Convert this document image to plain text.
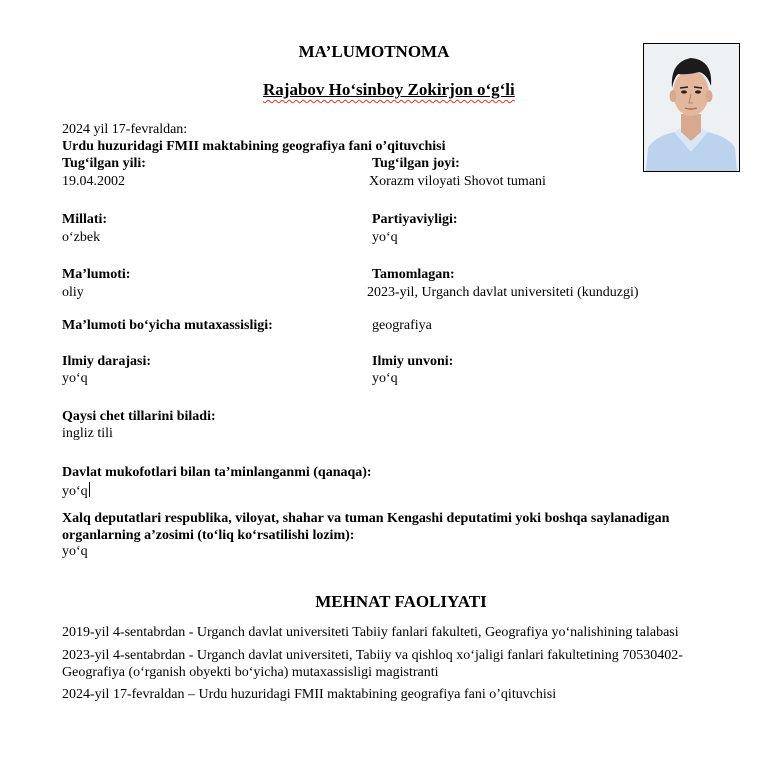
MA’LUMOTNOMA
Rajabov Ho‘sinboy Zokirjon o‘g‘li
2024 yil 17-fevraldan:
Urdu huzuridagi FMII maktabining geografiya fani o’qituvchisi
Tug‘ilgan yili:
19.04.2002
Tug‘ilgan joyi:
Xorazm viloyati Shovot tumani
Millati:
o‘zbek
Partiyaviyligi:
yo‘q
Ma’lumoti:
oliy
Tamomlagan:
2023-yil, Urganch davlat universiteti (kunduzgi)
Ma’lumoti bo‘yicha mutaxassisligi:	geografiya
Ilmiy darajasi:
yo‘q
Ilmiy unvoni:
yo‘q
Qaysi chet tillarini biladi:
ingliz tili
Davlat mukofotlari bilan ta’minlanganmi (qanaqa):
yo‘q
Xalq deputatlari respublika, viloyat, shahar va tuman Kengashi deputatimi yoki boshqa saylanadigan organlarning a’zosimi (to‘liq ko‘rsatilishi lozim):
yo‘q
MEHNAT FAOLIYATI
2019-yil 4-sentabrdan - Urganch davlat universiteti Tabiiy fanlari fakulteti, Geografiya yo‘nalishining talabasi
2023-yil 4-sentabrdan - Urganch davlat universiteti, Tabiiy va qishloq xo‘jaligi fanlari fakultetining 70530402- Geografiya (o‘rganish obyekti bo‘yicha) mutaxassisligi magistranti
2024-yil 17-fevraldan – Urdu huzuridagi FMII maktabining geografiya fani o’qituvchisi
